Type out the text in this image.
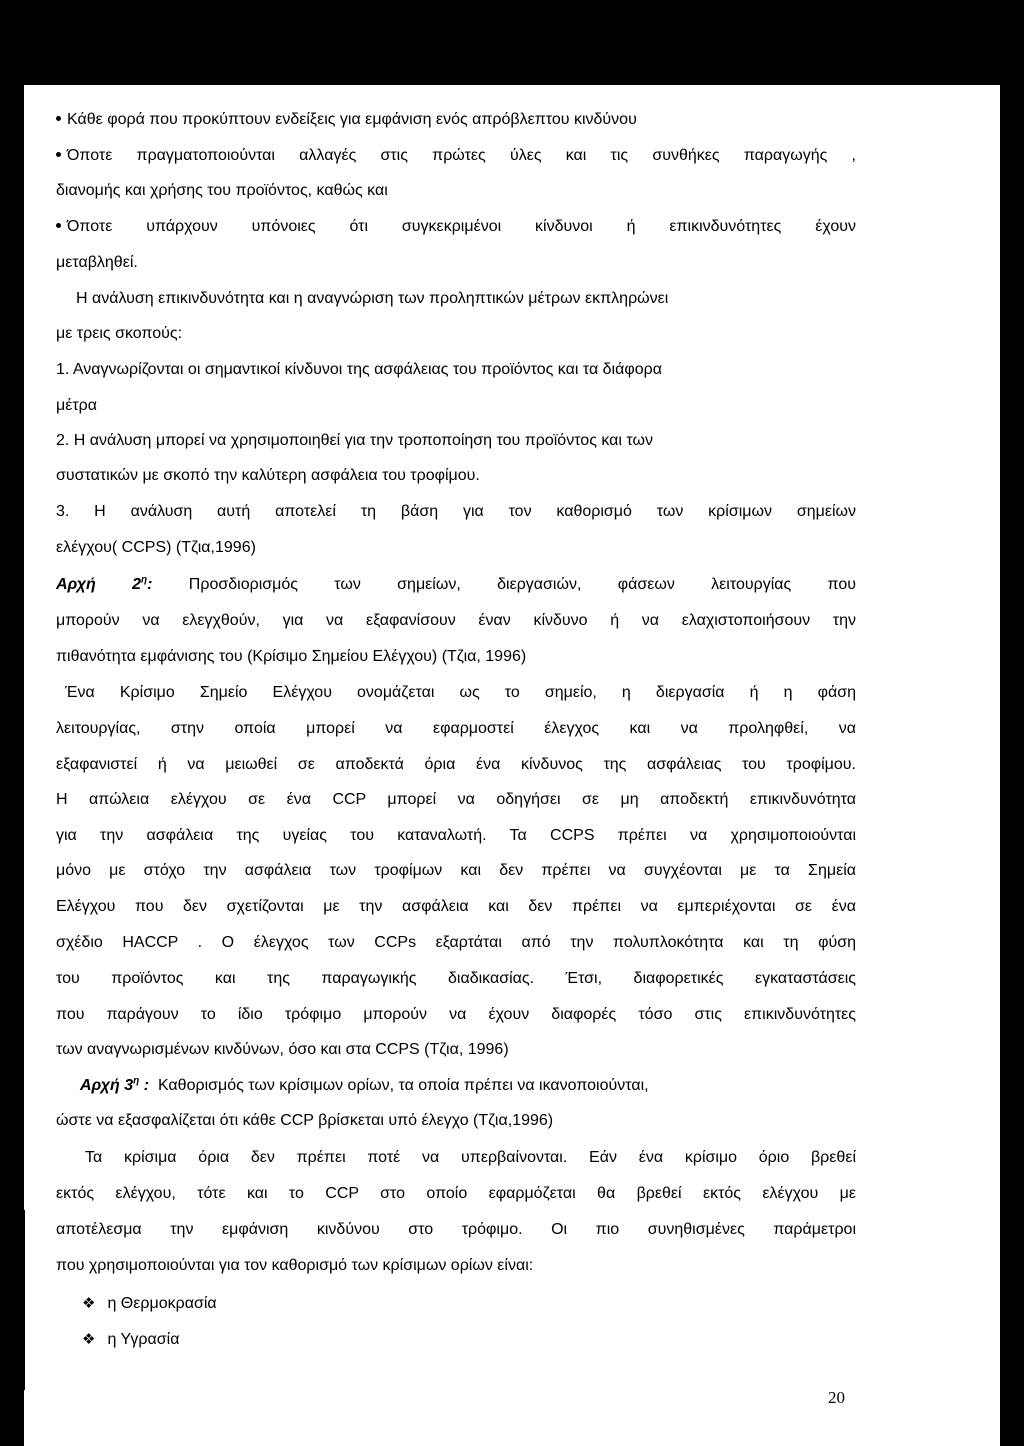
Κάθε φορά που προκύπτουν ενδείξεις για εμφάνιση ενός απρόβλεπτου κινδύνου
Όποτε πραγματοποιούνται αλλαγές στις πρώτες ύλες και τις συνθήκες παραγωγής ,
διανομής και χρήσης του προϊόντος, καθώς και
Όποτε υπάρχουν υπόνοιες ότι συγκεκριμένοι κίνδυνοι ή επικινδυνότητες έχουν
μεταβληθεί.
Η ανάλυση επικινδυνότητα και η αναγνώριση των προληπτικών μέτρων εκπληρώνει
με τρεις σκοπούς:
1. Αναγνωρίζονται οι σημαντικοί κίνδυνοι της ασφάλειας του προϊόντος και τα διάφορα
μέτρα
2. Η ανάλυση μπορεί να χρησιμοποιηθεί για την τροποποίηση του προϊόντος και των
συστατικών με σκοπό την καλύτερη ασφάλεια του τροφίμου.
3. Η ανάλυση αυτή αποτελεί τη βάση για τον καθορισμό των κρίσιμων σημείων
ελέγχου( CCPS) (Τζια,1996)
Αρχή $2^\eta$: Προσδιορισμός των σημείων, διεργασιών, φάσεων λειτουργίας που
μπορούν να ελεγχθούν, για να εξαφανίσουν έναν κίνδυνο ή να ελαχιστοποιήσουν την
πιθανότητα εμφάνισης του (Κρίσιμο Σημείου Ελέγχου) (Τζια, 1996)
Ένα Κρίσιμο Σημείο Ελέγχου ονομάζεται ως το σημείο, η διεργασία ή η φάση
λειτουργίας, στην οποία μπορεί να εφαρμοστεί έλεγχος και να προληφθεί, να
εξαφανιστεί ή να μειωθεί σε αποδεκτά όρια ένα κίνδυνος της ασφάλειας του τροφίμου.
Η απώλεια ελέγχου σε ένα CCP μπορεί να οδηγήσει σε μη αποδεκτή επικινδυνότητα
για την ασφάλεια της υγείας του καταναλωτή. Τα CCPS πρέπει να χρησιμοποιούνται
μόνο με στόχο την ασφάλεια των τροφίμων και δεν πρέπει να συγχέονται με τα Σημεία
Ελέγχου που δεν σχετίζονται με την ασφάλεια και δεν πρέπει να εμπεριέχονται σε ένα
σχέδιο HACCP . Ο έλεγχος των CCPs εξαρτάται από την πολυπλοκότητα και τη φύση
του προϊόντος και της παραγωγικής διαδικασίας. Έτσι, διαφορετικές εγκαταστάσεις
που παράγουν το ίδιο τρόφιμο μπορούν να έχουν διαφορές τόσο στις επικινδυνότητες
των αναγνωρισμένων κινδύνων, όσο και στα CCPS (Τζια, 1996)
Αρχή $3^\eta$ : Καθορισμός των κρίσιμων ορίων, τα οποία πρέπει να ικανοποιούνται,
ώστε να εξασφαλίζεται ότι κάθε CCP βρίσκεται υπό έλεγχο (Τζια,1996)
Τα κρίσιμα όρια δεν πρέπει ποτέ να υπερβαίνονται. Εάν ένα κρίσιμο όριο βρεθεί
εκτός ελέγχου, τότε και το CCP στο οποίο εφαρμόζεται θα βρεθεί εκτός ελέγχου με
αποτέλεσμα την εμφάνιση κινδύνου στο τρόφιμο. Οι πιο συνηθισμένες παράμετροι
που χρησιμοποιούνται για τον καθορισμό των κρίσιμων ορίων είναι:
❖ η Θερμοκρασία
❖ η Υγρασία
20
